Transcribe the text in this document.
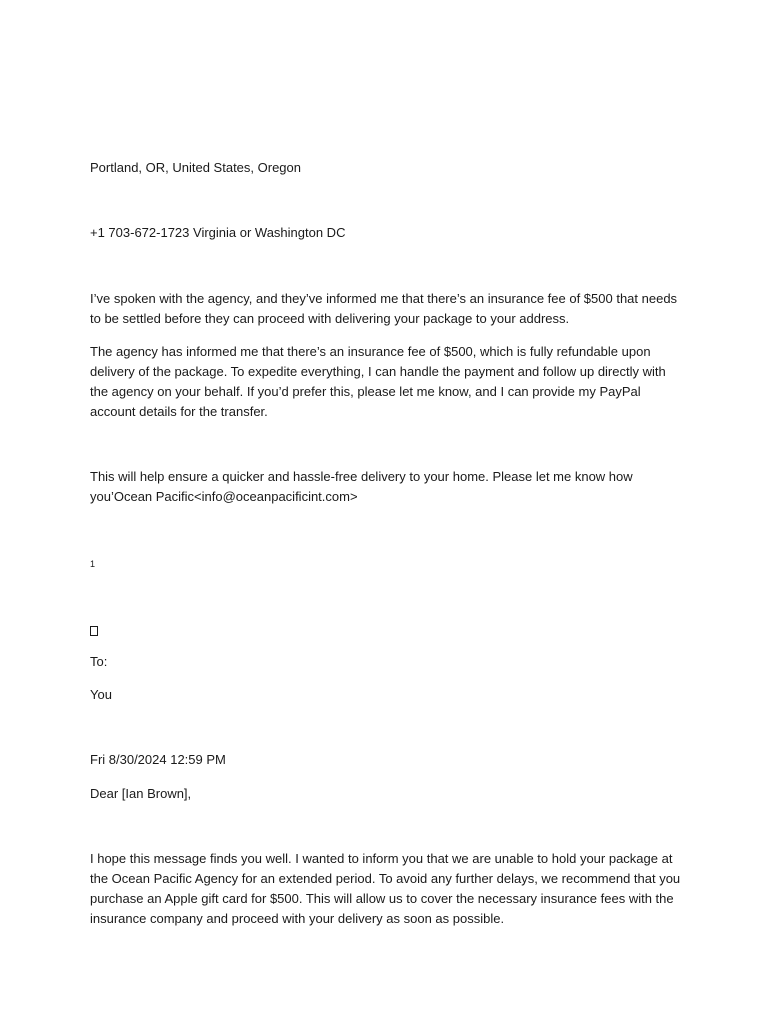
Portland, OR, United States, Oregon

+1 703-672-1723 Virginia or Washington DC

I’ve spoken with the agency, and they’ve informed me that there’s an insurance fee of $500 that needs to be settled before they can proceed with delivering your package to your address.

The agency has informed me that there’s an insurance fee of $500, which is fully refundable upon delivery of the package. To expedite everything, I can handle the payment and follow up directly with the agency on your behalf. If you’d prefer this, please let me know, and I can provide my PayPal account details for the transfer.

This will help ensure a quicker and hassle-free delivery to your home. Please let me know how you’Ocean Pacific<info@oceanpacificint.com>

1

To:

You

Fri 8/30/2024 12:59 PM

Dear [Ian Brown],

I hope this message finds you well. I wanted to inform you that we are unable to hold your package at the Ocean Pacific Agency for an extended period. To avoid any further delays, we recommend that you purchase an Apple gift card for $500. This will allow us to cover the necessary insurance fees with the insurance company and proceed with your delivery as soon as possible.
